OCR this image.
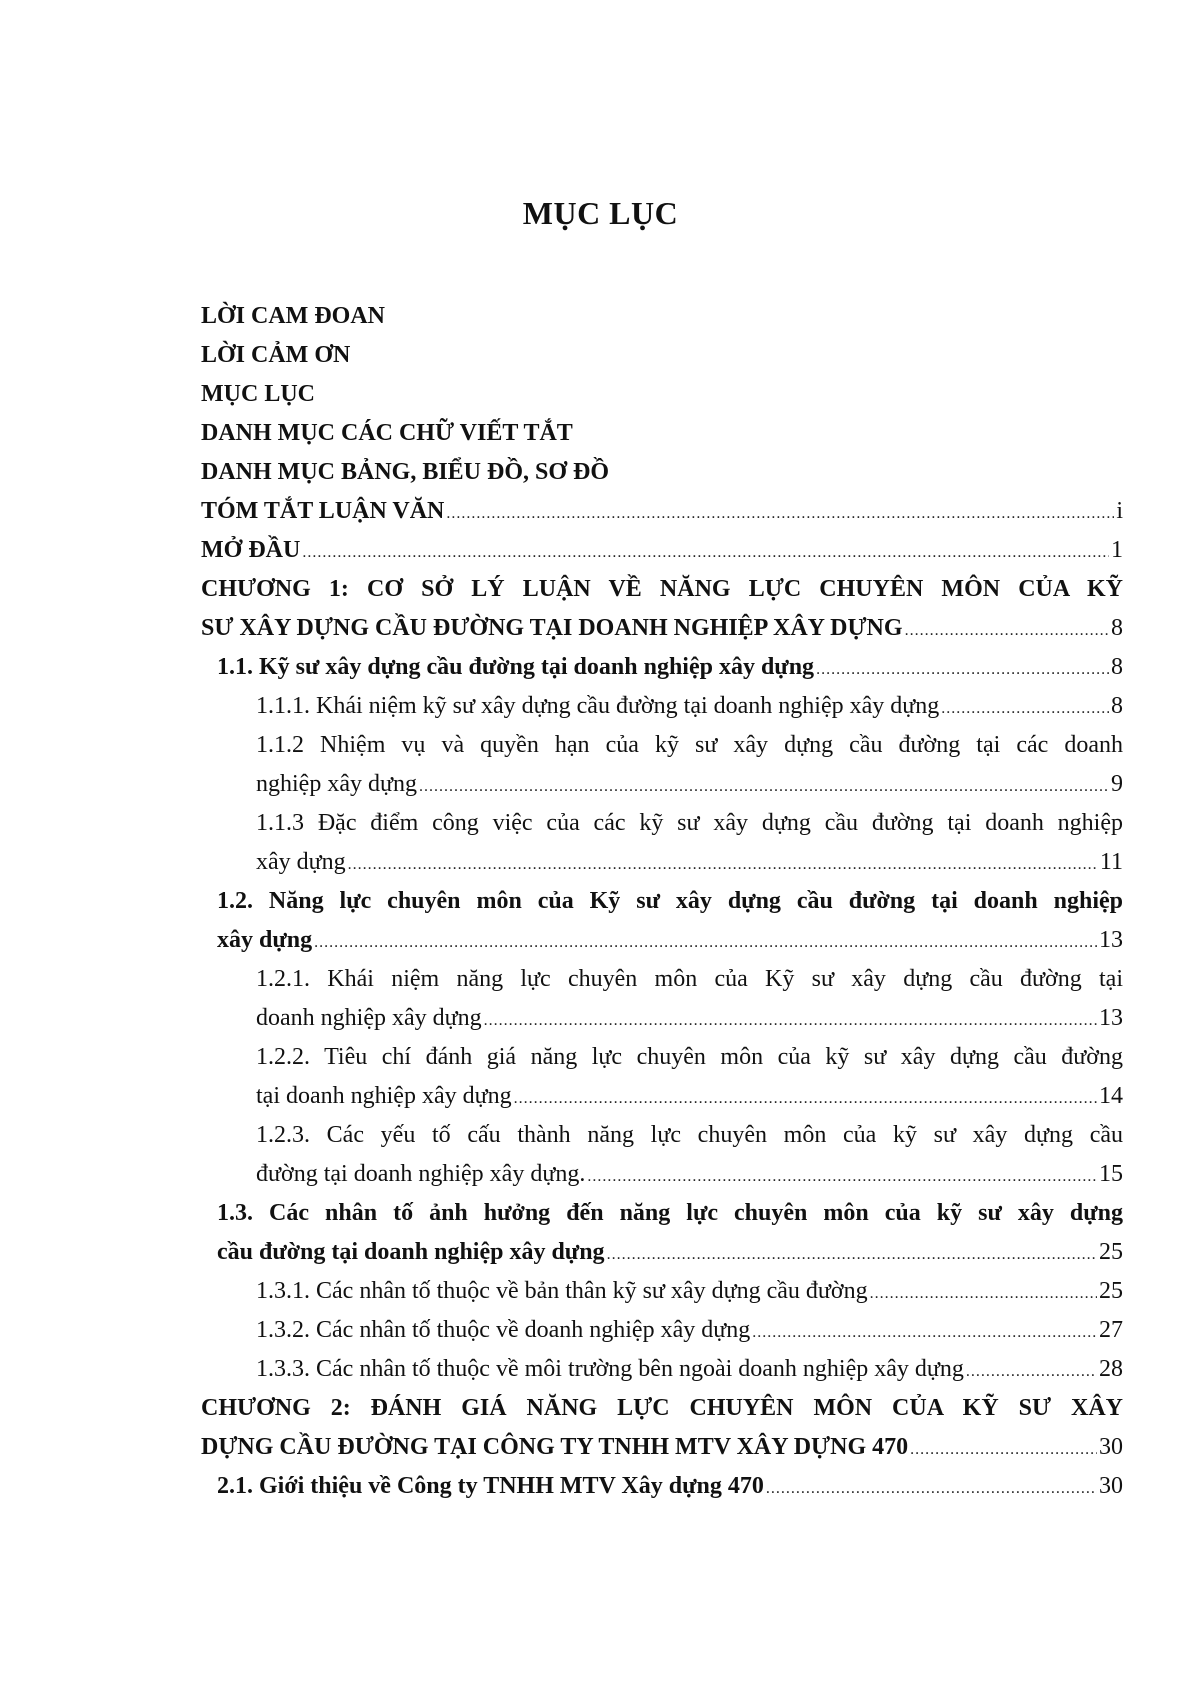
MỤC LỤC
LỜI CAM ĐOAN
LỜI CẢM ƠN
MỤC LỤC
DANH MỤC CÁC CHỮ VIẾT TẮT
DANH MỤC BẢNG, BIỂU ĐỒ, SƠ ĐỒ
TÓM TẮT LUẬN VĂN .....	i
MỞ ĐẦU .....	1
CHƯƠNG 1: CƠ SỞ LÝ LUẬN VỀ NĂNG LỰC CHUYÊN MÔN CỦA KỸ
SƯ XÂY DỰNG CẦU ĐƯỜNG TẠI DOANH NGHIỆP XÂY DỰNG .....	8
1.1. Kỹ sư xây dựng cầu đường tại doanh nghiệp xây dựng .....	8
1.1.1. Khái niệm kỹ sư xây dựng cầu đường tại doanh nghiệp xây dựng .....	8
1.1.2 Nhiệm vụ và quyền hạn của kỹ sư xây dựng cầu đường tại các doanh
nghiệp xây dựng .....	9
1.1.3 Đặc điểm công việc của các kỹ sư xây dựng cầu đường tại doanh nghiệp
xây dựng .....	11
1.2. Năng lực chuyên môn của Kỹ sư xây dựng cầu đường tại doanh nghiệp
xây dựng .....	13
1.2.1. Khái niệm năng lực chuyên môn của Kỹ sư xây dựng cầu đường tại
doanh nghiệp xây dựng .....	13
1.2.2. Tiêu chí đánh giá năng lực chuyên môn của kỹ sư xây dựng cầu đường
tại doanh nghiệp xây dựng .....	14
1.2.3. Các yếu tố cấu thành năng lực chuyên môn của kỹ sư xây dựng cầu
đường tại doanh nghiệp xây dựng. .....	15
1.3. Các nhân tố ảnh hưởng đến năng lực chuyên môn của kỹ sư xây dựng
cầu đường tại doanh nghiệp xây dựng .....	25
1.3.1. Các nhân tố thuộc về bản thân kỹ sư xây dựng cầu đường .....	25
1.3.2. Các nhân tố thuộc về doanh nghiệp xây dựng .....	27
1.3.3. Các nhân tố thuộc về môi trường bên ngoài doanh nghiệp xây dựng .....	28
CHƯƠNG 2: ĐÁNH GIÁ NĂNG LỰC CHUYÊN MÔN CỦA KỸ SƯ XÂY
DỰNG CẦU ĐƯỜNG TẠI CÔNG TY TNHH MTV XÂY DỰNG 470 .....	30
2.1. Giới thiệu về Công ty TNHH MTV Xây dựng 470 .....	30
